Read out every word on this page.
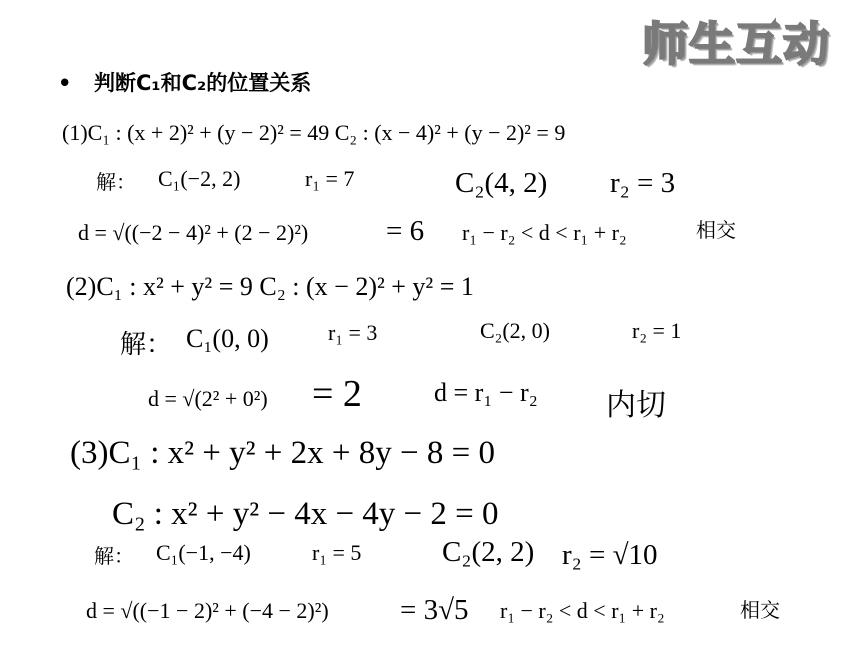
师生互动
• 判断C₁和C₂的位置关系
(1)C₁ : (x + 2)² + (y − 2)² = 49 C₂ : (x − 4)² + (y − 2)² = 9
解： C₁(−2, 2)	r₁ = 7	C₂(4, 2) r₂ = 3
d = √((−2 − 4)² + (2 − 2)²)	= 6 r₁ − r₂ < d < r₁ + r₂	相交
(2)C₁ : x² + y² = 9 C₂ : (x − 2)² + y² = 1
解： C₁(0, 0)	r₁ = 3	C₂(2, 0)	r₂ = 1
d = √(2² + 0²) = 2	d = r₁ − r₂ 内切
(3)C₁ : x² + y² + 2x + 8y − 8 = 0
C₂ : x² + y² − 4x − 4y − 2 = 0
解： C₁(−1, −4)	r₁ = 5	C₂(2, 2) r₂ = √10
d = √((−1 − 2)² + (−4 − 2)²) = 3√5 r₁ − r₂ < d < r₁ + r₂	相交
